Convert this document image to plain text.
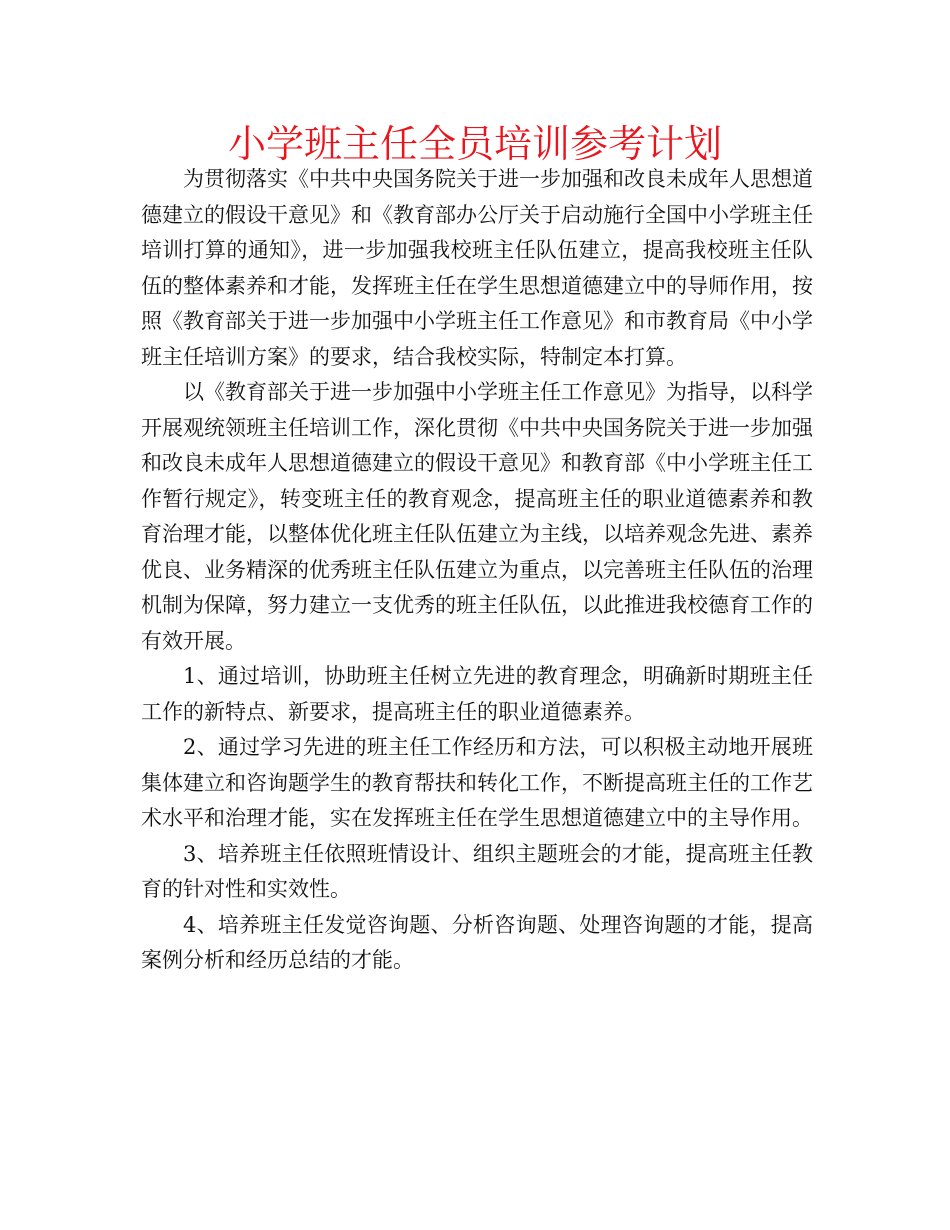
小学班主任全员培训参考计划

为贯彻落实《中共中央国务院关于进一步加强和改良未成年人思想道德建立的假设干意见》和《教育部办公厅关于启动施行全国中小学班主任培训打算的通知》，进一步加强我校班主任队伍建立，提高我校班主任队伍的整体素养和才能，发挥班主任在学生思想道德建立中的导师作用，按照《教育部关于进一步加强中小学班主任工作意见》和市教育局《中小学班主任培训方案》的要求，结合我校实际，特制定本打算。

以《教育部关于进一步加强中小学班主任工作意见》为指导，以科学开展观统领班主任培训工作，深化贯彻《中共中央国务院关于进一步加强和改良未成年人思想道德建立的假设干意见》和教育部《中小学班主任工作暂行规定》，转变班主任的教育观念，提高班主任的职业道德素养和教育治理才能，以整体优化班主任队伍建立为主线，以培养观念先进、素养优良、业务精深的优秀班主任队伍建立为重点，以完善班主任队伍的治理机制为保障，努力建立一支优秀的班主任队伍，以此推进我校德育工作的有效开展。

1、通过培训，协助班主任树立先进的教育理念，明确新时期班主任工作的新特点、新要求，提高班主任的职业道德素养。

2、通过学习先进的班主任工作经历和方法，可以积极主动地开展班集体建立和咨询题学生的教育帮扶和转化工作，不断提高班主任的工作艺术水平和治理才能，实在发挥班主任在学生思想道德建立中的主导作用。

3、培养班主任依照班情设计、组织主题班会的才能，提高班主任教育的针对性和实效性。

4、培养班主任发觉咨询题、分析咨询题、处理咨询题的才能，提高案例分析和经历总结的才能。
